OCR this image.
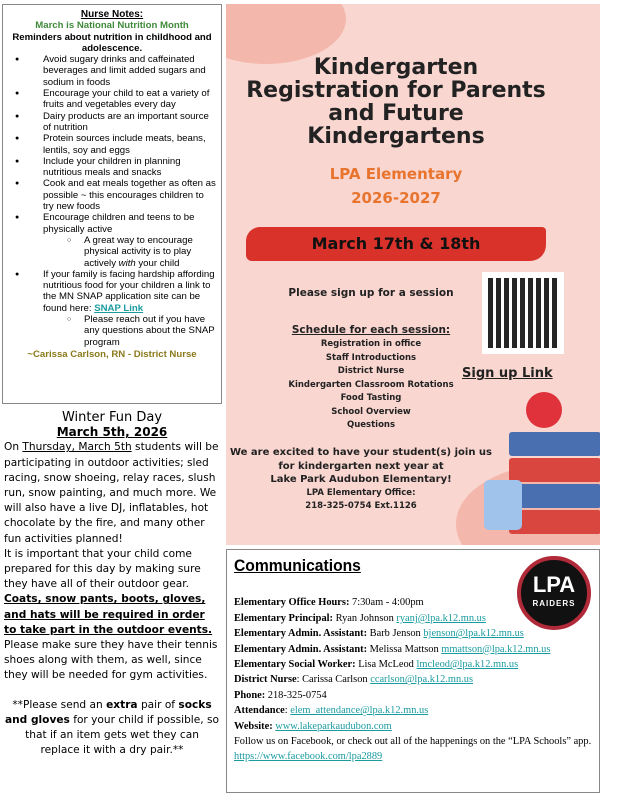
Nurse Notes:
March is National Nutrition Month
Reminders about nutrition in childhood and adolescence.
● Avoid sugary drinks and caffeinated beverages and limit added sugars and sodium in foods
● Encourage your child to eat a variety of fruits and vegetables every day
● Dairy products are an important source of nutrition
● Protein sources include meats, beans, lentils, soy and eggs
● Include your children in planning nutritious meals and snacks
● Cook and eat meals together as often as possible ~ this encourages children to try new foods
● Encourage children and teens to be physically active
○ A great way to encourage physical activity is to play actively with your child
● If your family is facing hardship affording nutritious food for your children a link to the MN SNAP application site can be found here: SNAP Link
○ Please reach out if you have any questions about the SNAP program
~Carissa Carlson, RN - District Nurse
Winter Fun Day
March 5th, 2026

On Thursday, March 5th students will be participating in outdoor activities; sled racing, snow shoeing, relay races, slush run, snow painting, and much more. We will also have a live DJ, inflatables, hot chocolate by the fire, and many other fun activities planned!

It is important that your child come prepared for this day by making sure they have all of their outdoor gear. Coats, snow pants, boots, gloves, and hats will be required in order to take part in the outdoor events. Please make sure they have their tennis shoes along with them, as well, since they will be needed for gym activities.

**Please send an extra pair of socks and gloves for your child if possible, so that if an item gets wet they can replace it with a dry pair.**

Kindergarten Registration for Parents and Future Kindergartens
LPA Elementary
2026-2027
March 17th & 18th
Please sign up for a session
Schedule for each session:
Registration in office
Staff Introductions
District Nurse
Kindergarten Classroom Rotations
Food Tasting
School Overview
Questions
Sign up Link
We are excited to have your student(s) join us for kindergarten next year at
Lake Park Audubon Elementary!
LPA Elementary Office:
218-325-0754 Ext.1126
Communications
LPA
RAIDERS
Elementary Office Hours: 7:30am - 4:00pm
Elementary Principal: Ryan Johnson ryanj@lpa.k12.mn.us
Elementary Admin. Assistant: Barb Jenson bjenson@lpa.k12.mn.us
Elementary Admin. Assistant: Melissa Mattson mmattson@lpa.k12.mn.us
Elementary Social Worker: Lisa McLeod lmcleod@lpa.k12.mn.us
District Nurse: Carissa Carlson ccarlson@lpa.k12.mn.us
Phone: 218-325-0754
Attendance: elem_attendance@lpa.k12.mn.us
Website: www.lakeparkaudubon.com
Follow us on Facebook, or check out all of the happenings on the “LPA Schools” app.
https://www.facebook.com/lpa2889
